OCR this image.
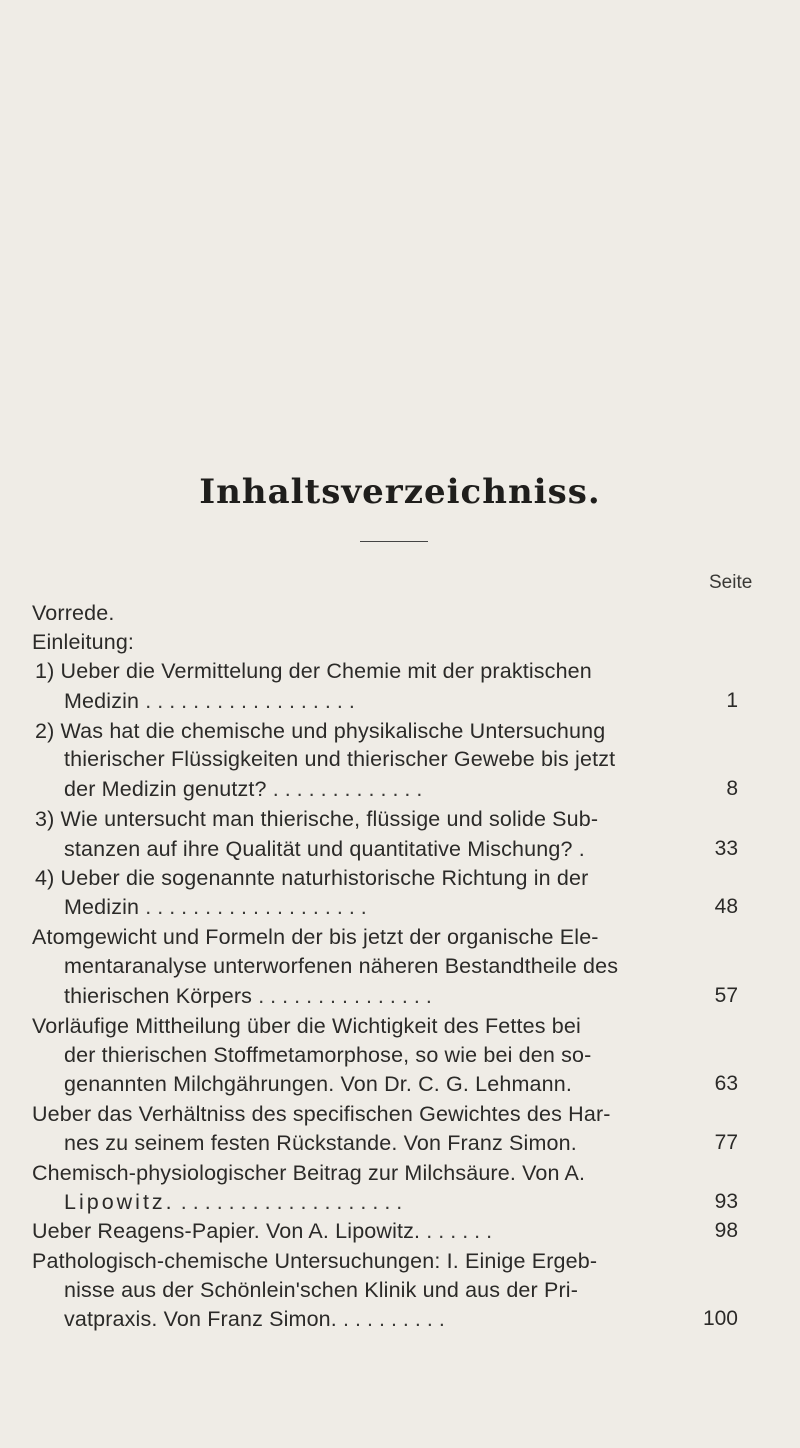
Inhaltsverzeichniss.
Seite
Vorrede.
Einleitung:
1) Ueber die Vermittelung der Chemie mit der praktischen
Medizin ..................	1
2) Was hat die chemische und physikalische Untersuchung
thierischer Flüssigkeiten und thierischer Gewebe bis jetzt
der Medizin genutzt? .............	8
3) Wie untersucht man thierische, flüssige und solide Sub-
stanzen auf ihre Qualität und quantitative Mischung? .	33
4) Ueber die sogenannte naturhistorische Richtung in der
Medizin ...................	48
Atomgewicht und Formeln der bis jetzt der organische Ele-
mentaranalyse unterworfenen näheren Bestandtheile des
thierischen Körpers ...............	57
Vorläufige Mittheilung über die Wichtigkeit des Fettes bei
der thierischen Stoffmetamorphose, so wie bei den so-
genannten Milchgährungen. Von Dr. C. G. Lehmann.	63
Ueber das Verhältniss des specifischen Gewichtes des Har-
nes zu seinem festen Rückstande. Von Franz Simon.	77
Chemisch-physiologischer Beitrag zur Milchsäure. Von A.
Lipowitz. ...................	93
Ueber Reagens-Papier. Von A. Lipowitz. ......	98
Pathologisch-chemische Untersuchungen: I. Einige Ergeb-
nisse aus der Schönlein'schen Klinik und aus der Pri-
vatpraxis. Von Franz Simon. .........	100
